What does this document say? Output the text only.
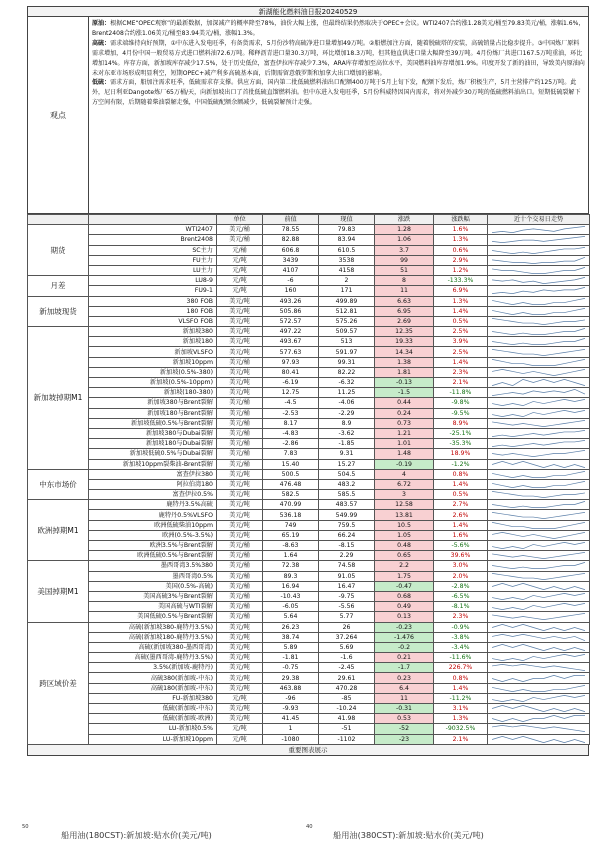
新湖能化燃料油日报20240529
观点

原油：根据CME“OPEC观察”的最新数据，加深减产的概率降至78%，油价大幅上涨，但最终结果仍然取决于OPEC+会议。WTI2407合约涨1.28美元/桶至79.83美元/桶，涨幅1.6%，Brent2408合约涨1.06美元/桶至83.94美元/桶，涨幅1.3%。

高硫：需求端维持向好预期，①中东进入发电旺季，有备货需求，5月份沙特高硫净进口量增加49万吨。②船燃加注方面，随着脱硫塔的安装，高硫销量占比稳步提升。③中国炼厂原料需求增加，4月份中国一般贸易方式进口燃料油72.6万吨。稀释沥青进口量30.3万吨，环比增加18.3万吨，但其他直供进口量大幅降至39万吨。4月份炼厂共进口167.5万吨重油，环比增加14%。库存方面，新加坡库存减少17.5%，处于历史低位，富查伊拉库存减少7.3%，ARA库存增加至高位水平，美国燃料油库存增加1.9%。印度开发了新的油田，导致美内原油向未对东亚市场形成明显利空，短期OPEC+减产利多高硫基本面，后期需留意俄罗斯和加拿大出口增加的影响。

低硫：需求方面，船加注需求旺季，低硫需求存支撑。供应方面，国内第二批低硫燃料油出口配额400万吨于5月上旬下发，配额下发后，炼厂积极生产，5月主营排产约125万吨。此外，尼日利亚Dangote炼厂65万桶/天，向新加坡出口了首批低硫直馏燃料油。但中东进入发电旺季，5月份科威特因国内需求，将对外减少30万吨的低硫燃料油出口。短期低硫裂解下方空间有限，后期随着柴油裂解走强，中国低硫配额余额减少，低硫裂解预计走强。

		单位	前值	现值	涨跌	涨跌幅	近十个交易日走势
期货	WTI2407	美元/桶	78.55	79.83	1.28	1.6%	

	Brent2408	美元/桶	82.88	83.94	1.06	1.3%	

	SC主力	元/桶	606.8	610.5	3.7	0.6%	

	FU主力	元/吨	3439	3538	99	2.9%	

	LU主力	元/吨	4107	4158	51	1.2%	

月差	LU8-9	元/吨	-6	2	8	-133.3%	

	FU9-1	元/吨	160	171	11	6.9%	

新加坡现货	380 FOB	美元/吨	493.26	499.89	6.63	1.3%	

	180 FOB	美元/吨	505.86	512.81	6.95	1.4%	

	VLSFO FOB	美元/吨	572.57	575.26	2.69	0.5%	

新加坡掉期M1	新加坡380	美元/吨	497.22	509.57	12.35	2.5%	

	新加坡180	美元/吨	493.67	513	19.33	3.9%	

	新加坡VLSFO	美元/吨	577.63	591.97	14.34	2.5%	

	新加坡10ppm	美元/桶	97.93	99.31	1.38	1.4%	

	新加坡(0.5%-380)	美元/吨	80.41	82.22	1.81	2.3%	

	新加坡(0.5%-10ppm)	美元/吨	-6.19	-6.32	-0.13	2.1%	

	新加坡(180-380)	美元/吨	12.75	11.25	-1.5	-11.8%	

	新加坡380与Brent裂解	美元/桶	-4.5	-4.06	0.44	-9.8%	

	新加坡180与Brent裂解	美元/桶	-2.53	-2.29	0.24	-9.5%	

	新加坡低硫0.5%与Brent裂解	美元/桶	8.17	8.9	0.73	8.9%	

	新加坡380与Dubai裂解	美元/桶	-4.83	-3.62	1.21	-25.1%	

	新加坡180与Dubai裂解	美元/桶	-2.86	-1.85	1.01	-35.3%	

	新加坡低硫0.5%与Dubai裂解	美元/桶	7.83	9.31	1.48	18.9%	

	新加坡10ppm裂柴油-Brent裂解	美元/桶	15.40	15.27	-0.19	-1.2%	

中东市场价	富查伊拉380	美元/吨	500.5	504.5	4	0.8%	

	阿拉伯湾180	美元/吨	476.48	483.2	6.72	1.4%	

	富查伊拉0.5%	美元/吨	582.5	585.5	3	0.5%	

欧洲掉期M1	鹿特丹3.5%高硫	美元/吨	470.99	483.57	12.58	2.7%	

	鹿特丹0.5%VLSFO	美元/吨	536.18	549.99	13.81	2.6%	

	欧洲低硫柴油10ppm	美元/吨	749	759.5	10.5	1.4%	

	欧洲(0.5%-3.5%)	美元/吨	65.19	66.24	1.05	1.6%	

	欧洲3.5%与Brent裂解	美元/桶	-8.63	-8.15	0.48	-5.6%	

	欧洲低硫0.5%与Brent裂解	美元/桶	1.64	2.29	0.65	39.6%	

美国掉期M1	墨西哥湾3.5%380	美元/桶	72.38	74.58	2.2	3.0%	

	墨西哥湾0.5%	美元/桶	89.3	91.05	1.75	2.0%	

	美国(0.5%-高硫)	美元/桶	16.94	16.47	-0.47	-2.8%	

	美国高硫3%与Brent裂解	美元/桶	-10.43	-9.75	0.68	-6.5%	

	美国高硫与WTI裂解	美元/桶	-6.05	-5.56	0.49	-8.1%	

	美国低硫0.5%与Brent裂解	美元/桶	5.64	5.77	0.13	2.3%	

跨区域价差	高硫(新加坡380-鹿特丹3.5%)	美元/吨	26.23	26	-0.23	-0.9%	

	高硫(新加坡180-鹿特丹3.5%)	美元/吨	38.74	37.264	-1.476	-3.8%	

	高硫(新加坡380-墨西哥湾)	美元/吨	5.89	5.69	-0.2	-3.4%	

	高硫(墨西哥湾-鹿特丹3.5%)	美元/吨	-1.81	-1.6	0.21	-11.6%	

	3.5%(新加坡-鹿特丹)	美元/吨	-0.75	-2.45	-1.7	226.7%	

	高硫380(新加坡-中东)	美元/吨	29.38	29.61	0.23	0.8%	

	高硫180(新加坡-中东)	美元/吨	463.88	470.28	6.4	1.4%	

	FU-新加坡380	元/吨	-96	-85	11	-11.2%	

	低硫(新加坡-中东)	美元/吨	-9.93	-10.24	-0.31	3.1%	

	低硫(新加坡-欧洲)	美元/吨	41.45	41.98	0.53	1.3%	

	LU-新加坡0.5%	元/吨	1	-51	-52	-9032.5%	

	LU-新加坡10ppm	元/吨	-1080	-1102	-23	2.1%	
重要图表展示
50	40
船用油(180CST):新加坡:贴水价(美元/吨)	船用油(380CST):新加坡:贴水价(美元/吨)
